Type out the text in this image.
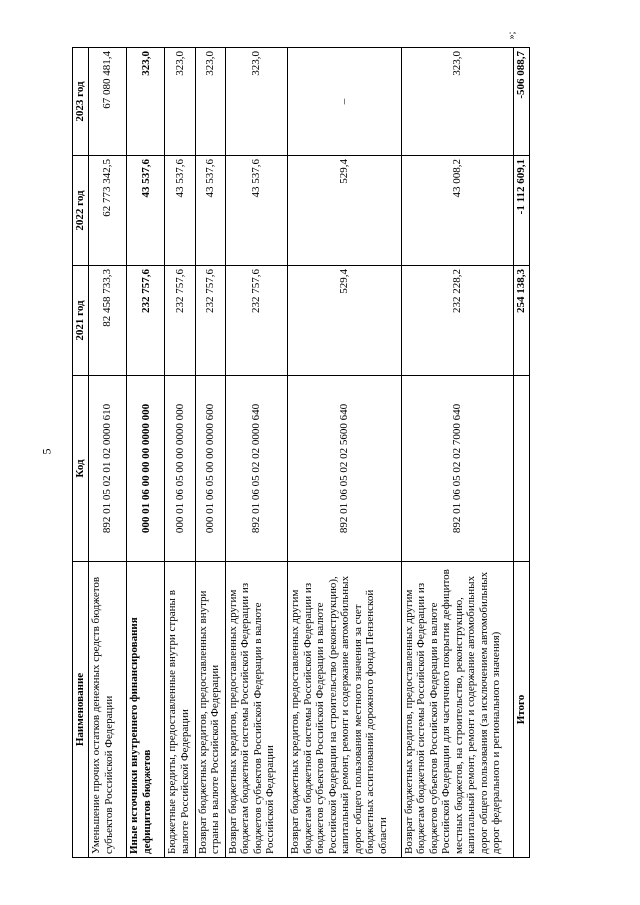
5
»;
Наименование	Код	2021 год	2022 год	2023 год
Уменьшение прочих остатков денежных средств бюджетов субъектов Российской Федерации	892 01 05 02 01 02 0000 610	82 458 733,3	62 773 342,5	67 080 481,4
Иные источники внутреннего финансирования дефицитов бюджетов	000 01 06 00 00 00 0000 000	232 757,6	43 537,6	323,0
Бюджетные кредиты, предоставленные внутри страны в валюте Российской Федерации	000 01 06 05 00 00 0000 000	232 757,6	43 537,6	323,0
Возврат бюджетных кредитов, предоставленных внутри страны в валюте Российской Федерации	000 01 06 05 00 00 0000 600	232 757,6	43 537,6	323,0
Возврат бюджетных кредитов, предоставленных другим бюджетам бюджетной системы Российской Федерации из бюджетов субъектов Российской Федерации в валюте Российской Федерации	892 01 06 05 02 02 0000 640	232 757,6	43 537,6	323,0
Возврат бюджетных кредитов, предоставленных другим бюджетам бюджетной системы Российской Федерации из бюджетов субъектов Российской Федерации в валюте Российской Федерации на строительство (реконструкцию), капитальный ремонт, ремонт и содержание автомобильных дорог общего пользования местного значения за счет бюджетных ассигнований дорожного фонда Пензенской области	892 01 06 05 02 02 5600 640	529,4	529,4	–
Возврат бюджетных кредитов, предоставленных другим бюджетам бюджетной системы Российской Федерации из бюджетов субъектов Российской Федерации в валюте Российской Федерации для частичного покрытия дефицитов местных бюджетов, на строительство, реконструкцию, капитальный ремонт, ремонт и содержание автомобильных дорог общего пользования (за исключением автомобильных дорог федерального и регионального значения)	892 01 06 05 02 02 7000 640	232 228,2	43 008,2	323,0
Итого		254 138,3	-1 112 609,1	-506 088,7
